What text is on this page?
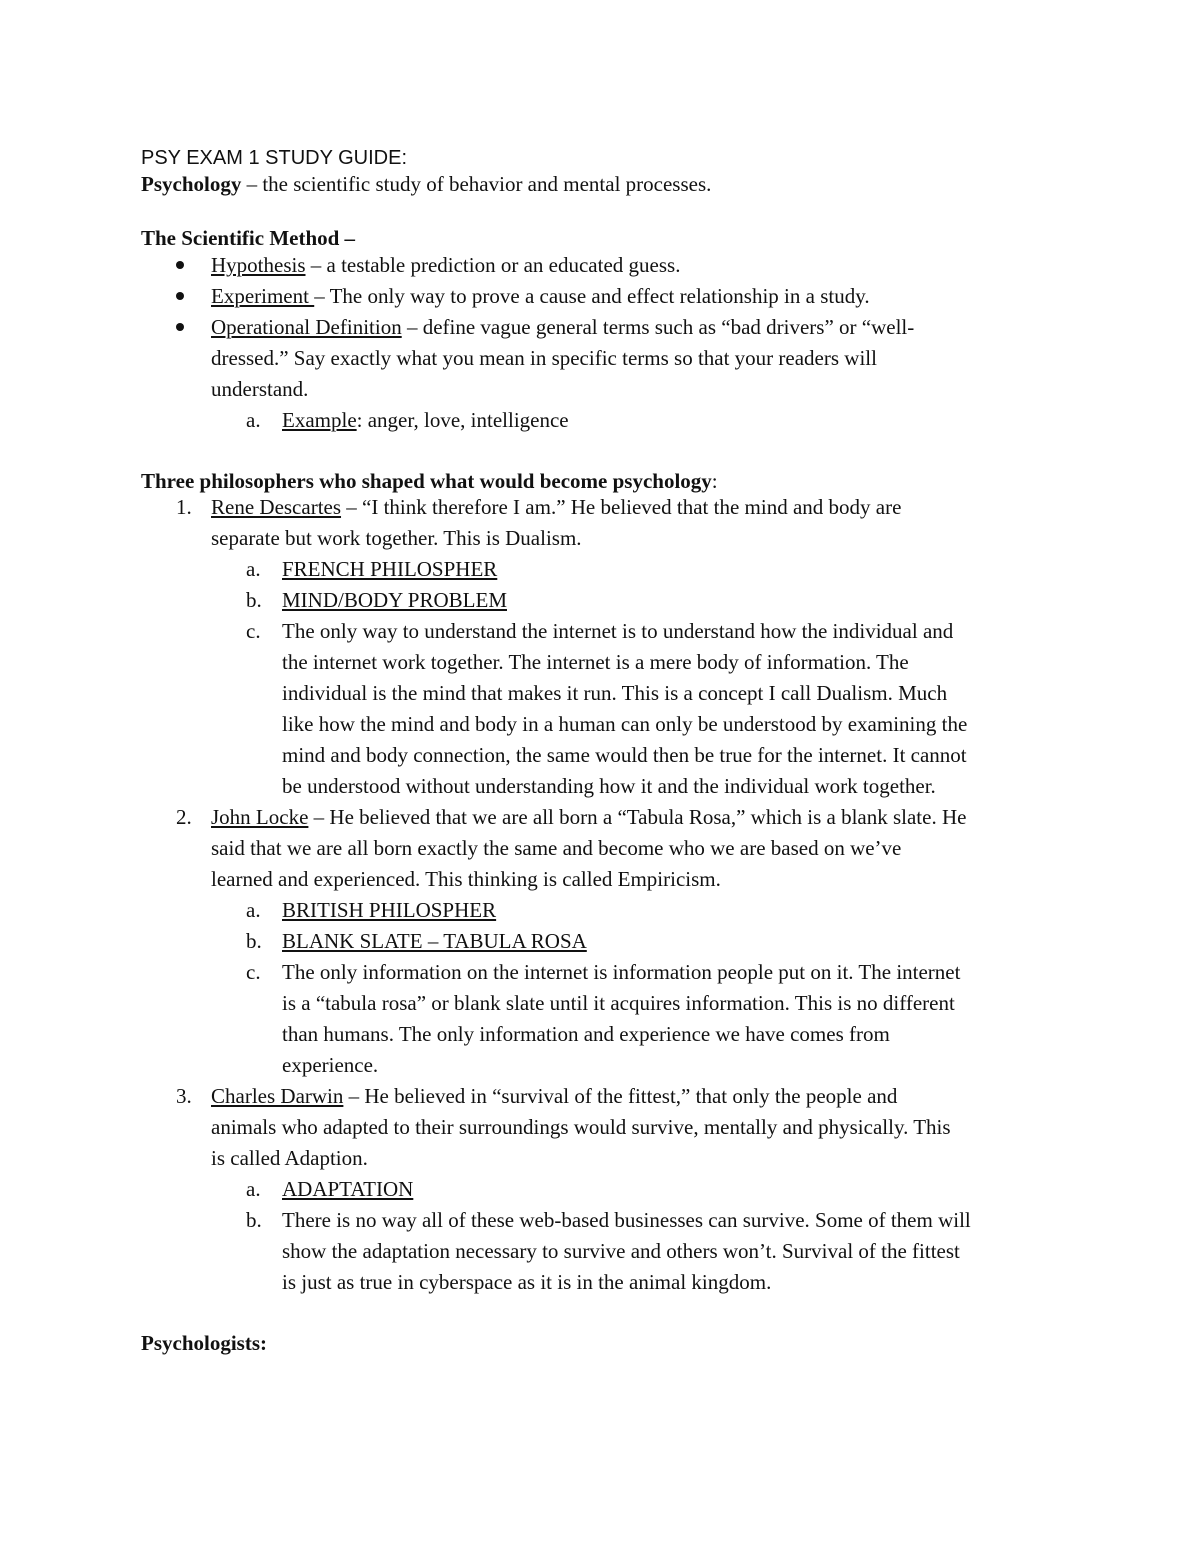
PSY EXAM 1 STUDY GUIDE:
Psychology – the scientific study of behavior and mental processes.
The Scientific Method –
Hypothesis – a testable prediction or an educated guess.
Experiment – The only way to prove a cause and effect relationship in a study.
Operational Definition – define vague general terms such as “bad drivers” or “well-
dressed.” Say exactly what you mean in specific terms so that your readers will
understand.
a. Example: anger, love, intelligence
Three philosophers who shaped what would become psychology:
1. Rene Descartes – “I think therefore I am.” He believed that the mind and body are
separate but work together. This is Dualism.
a. FRENCH PHILOSPHER
b. MIND/BODY PROBLEM
c. The only way to understand the internet is to understand how the individual and
the internet work together. The internet is a mere body of information. The
individual is the mind that makes it run. This is a concept I call Dualism. Much
like how the mind and body in a human can only be understood by examining the
mind and body connection, the same would then be true for the internet. It cannot
be understood without understanding how it and the individual work together.
2. John Locke – He believed that we are all born a “Tabula Rosa,” which is a blank slate. He
said that we are all born exactly the same and become who we are based on we’ve
learned and experienced. This thinking is called Empiricism.
a. BRITISH PHILOSPHER
b. BLANK SLATE – TABULA ROSA
c. The only information on the internet is information people put on it. The internet
is a “tabula rosa” or blank slate until it acquires information. This is no different
than humans. The only information and experience we have comes from
experience.
3. Charles Darwin – He believed in “survival of the fittest,” that only the people and
animals who adapted to their surroundings would survive, mentally and physically. This
is called Adaption.
a. ADAPTATION
b. There is no way all of these web-based businesses can survive. Some of them will
show the adaptation necessary to survive and others won’t. Survival of the fittest
is just as true in cyberspace as it is in the animal kingdom.
Psychologists:
